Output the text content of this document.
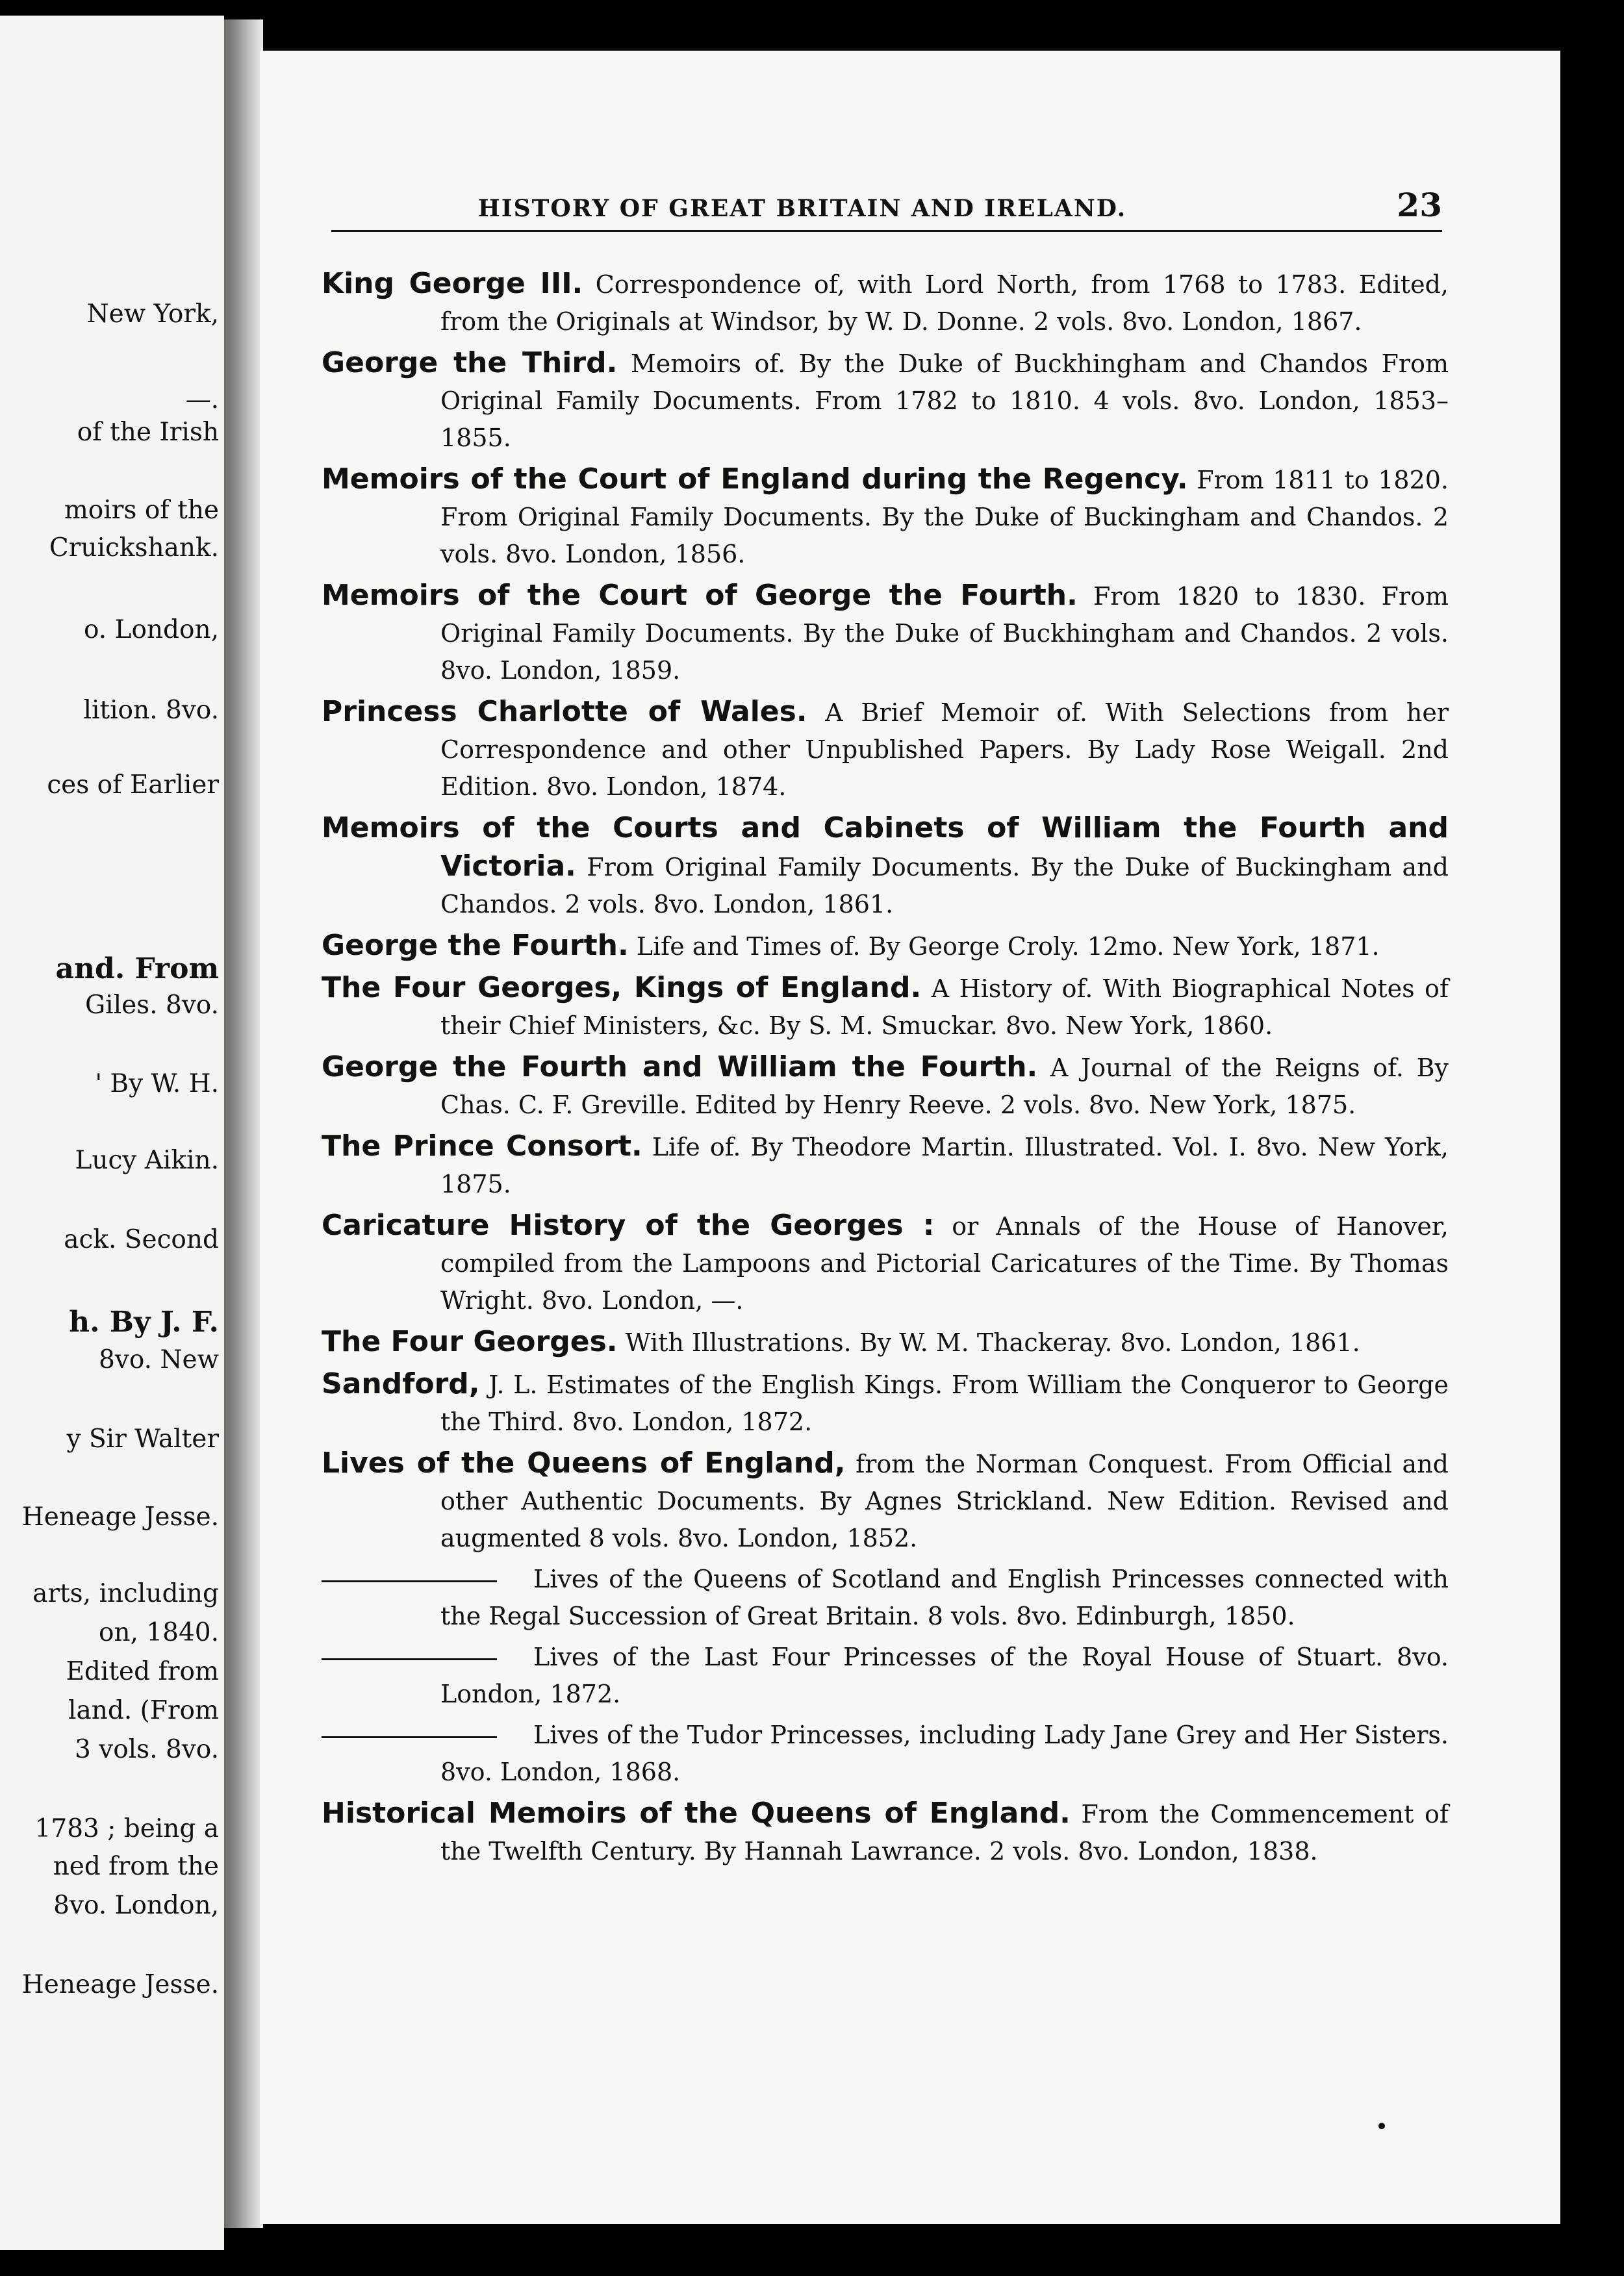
New York,
—.
of the Irish
moirs of the
Cruickshank.
o. London,
lition. 8vo.
ces of Earlier
and. From
Giles. 8vo.
' By W. H.
Lucy Aikin.
ack. Second
h. By J. F.
8vo. New
y Sir Walter
Heneage Jesse.
arts, including
on, 1840.
Edited from
land. (From
3 vols. 8vo.
1783 ; being a
ned from the
8vo. London,
Heneage Jesse.
HISTORY OF GREAT BRITAIN AND IRELAND.	23

King George III. Correspondence of, with Lord North, from 1768 to 1783. Edited, from the Originals at Windsor, by W. D. Donne. 2 vols. 8vo. London, 1867.

George the Third. Memoirs of. By the Duke of Buckhingham and Chandos From Original Family Documents. From 1782 to 1810. 4 vols. 8vo. London, 1853–1855.

Memoirs of the Court of England during the Regency. From 1811 to 1820. From Original Family Documents. By the Duke of Buckingham and Chandos. 2 vols. 8vo. London, 1856.

Memoirs of the Court of George the Fourth. From 1820 to 1830. From Original Family Documents. By the Duke of Buckhingham and Chandos. 2 vols. 8vo. London, 1859.

Princess Charlotte of Wales. A Brief Memoir of. With Selections from her Correspondence and other Unpublished Papers. By Lady Rose Weigall. 2nd Edition. 8vo. London, 1874.

Memoirs of the Courts and Cabinets of William the Fourth and Victoria. From Original Family Documents. By the Duke of Buckingham and Chandos. 2 vols. 8vo. London, 1861.

George the Fourth. Life and Times of. By George Croly. 12mo. New York, 1871.

The Four Georges, Kings of England. A History of. With Biographical Notes of their Chief Ministers, &c. By S. M. Smuckar. 8vo. New York, 1860.

George the Fourth and William the Fourth. A Journal of the Reigns of. By Chas. C. F. Greville. Edited by Henry Reeve. 2 vols. 8vo. New York, 1875.

The Prince Consort. Life of. By Theodore Martin. Illustrated. Vol. I. 8vo. New York, 1875.

Caricature History of the Georges : or Annals of the House of Hanover, compiled from the Lampoons and Pictorial Caricatures of the Time. By Thomas Wright. 8vo. London, —.

The Four Georges. With Illustrations. By W. M. Thackeray. 8vo. London, 1861.

Sandford, J. L. Estimates of the English Kings. From William the Conqueror to George the Third. 8vo. London, 1872.

Lives of the Queens of England, from the Norman Conquest. From Official and other Authentic Documents. By Agnes Strickland. New Edition. Revised and augmented 8 vols. 8vo. London, 1852.

Lives of the Queens of Scotland and English Princesses connected with the Regal Succession of Great Britain. 8 vols. 8vo. Edinburgh, 1850.

Lives of the Last Four Princesses of the Royal House of Stuart. 8vo. London, 1872.

Lives of the Tudor Princesses, including Lady Jane Grey and Her Sisters. 8vo. London, 1868.

Historical Memoirs of the Queens of England. From the Commencement of the Twelfth Century. By Hannah Lawrance. 2 vols. 8vo. London, 1838.
